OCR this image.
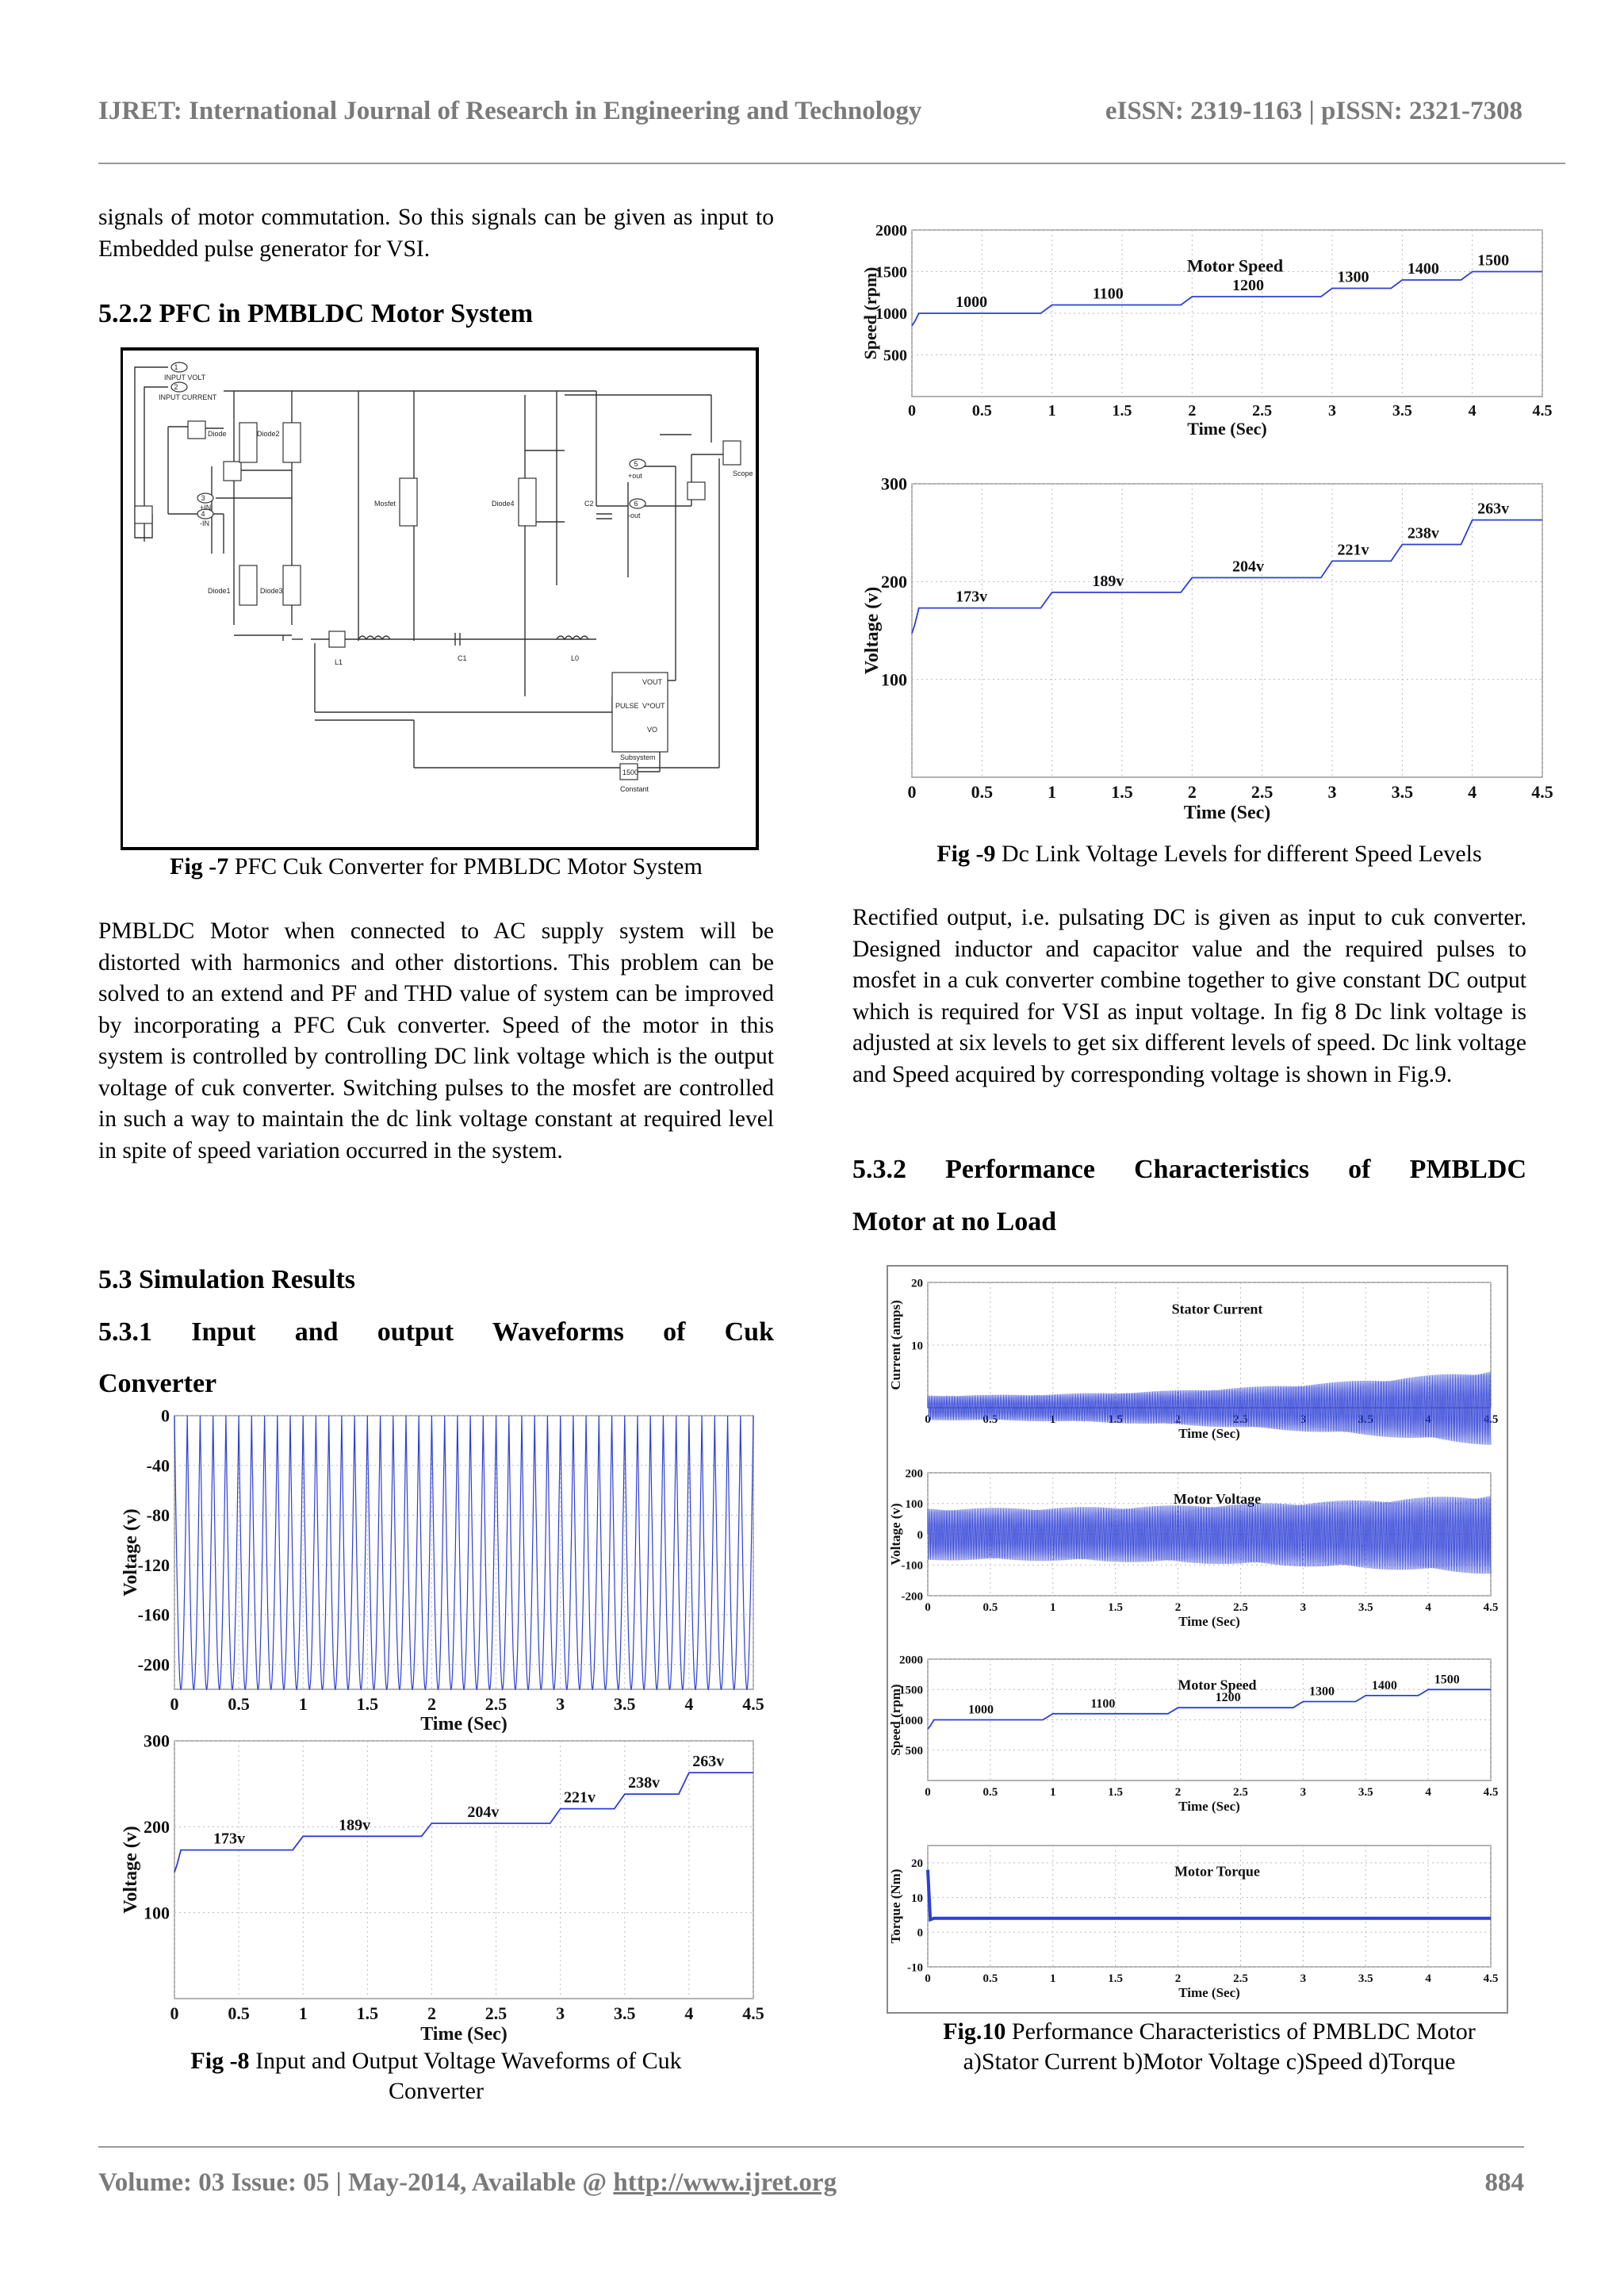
IJRET: International Journal of Research in Engineering and Technology	eISSN: 2319-1163 | pISSN: 2321-7308
signals of motor commutation. So this signals can be given as input to Embedded pulse generator for VSI.
5.2.2 PFC in PMBLDC Motor System
1
2
3
4
5
6
INPUT VOLT
INPUT CURRENT
Diode	Diode2
Diode1	Diode3
Mosfet	Diode4	C2
C1
L1	L0
+out
-out
+IN
-IN
Scope
Subsystem
Constant
1500
VOUT
PULSE V*OUT
VO
Fig -7 PFC Cuk Converter for PMBLDC Motor System
PMBLDC Motor when connected to AC supply system will be distorted with harmonics and other distortions. This problem can be solved to an extend and PF and THD value of system can be improved by incorporating a PFC Cuk converter. Speed of the motor in this system is controlled by controlling DC link voltage which is the output voltage of cuk converter. Switching pulses to the mosfet are controlled in such a way to maintain the dc link voltage constant at required level in spite of speed variation occurred in the system.
5.3 Simulation Results
5.3.1 Input and output Waveforms of Cuk
Converter
0	0.5	1	1.5	2	2.5	3	3.5	4	4.5
0
-40
-80
-120
-160
-200
Time (Sec)
Voltage (v)
0	0.5	1	1.5	2	2.5	3	3.5	4	4.5
300
200
100
Time (Sec)
Voltage (v)	173v
189v
204v
221v
238v
263v
Fig -8 Input and Output Voltage Waveforms of Cuk
Converter
0	0.5	1	1.5	2	2.5	3	3.5	4	4.5
2000
1500
1000
500
Time (Sec)
Speed (rpm)
Motor Speed
1000	1100	1200	1300 1400 1500
0	0.5	1	1.5	2	2.5	3	3.5	4	4.5
300
200
100
Time (Sec)
Voltage (v)	173v
189v
204v
221v
238v
263v
Fig -9 Dc Link Voltage Levels for different Speed Levels
Rectified output, i.e. pulsating DC is given as input to cuk converter. Designed inductor and capacitor value and the required pulses to mosfet in a cuk converter combine together to give constant DC output which is required for VSI as input voltage. In fig 8 Dc link voltage is adjusted at six levels to get six different levels of speed. Dc link voltage and Speed acquired by corresponding voltage is shown in Fig.9.
5.3.2 Performance Characteristics of PMBLDC
Motor at no Load
0	0.5	1	1.5	2	2.5	3	3.5	4	4.5
20
10
Time (Sec)
Current (amps)	Stator Current
0	0.5	1	1.5	2	2.5	3	3.5	4	4.5
200
100
0
-100
-200
Time (Sec)
Voltage (v)
Motor Voltage
0	0.5	1	1.5	2	2.5	3	3.5	4	4.5
2000
1500
1000
500
Time (Sec)
Speed (rpm)	Motor Speed
1000	1100	1200	1300	1400	1500
0	0.5	1	1.5	2	2.5	3	3.5	4	4.5
20
10
0
-10
Time (Sec)
Torque (Nm)	Motor Torque
Fig.10 Performance Characteristics of PMBLDC Motor
a)Stator Current b)Motor Voltage c)Speed d)Torque
Volume: 03 Issue: 05 | May-2014, Available @ http://www.ijret.org	884
